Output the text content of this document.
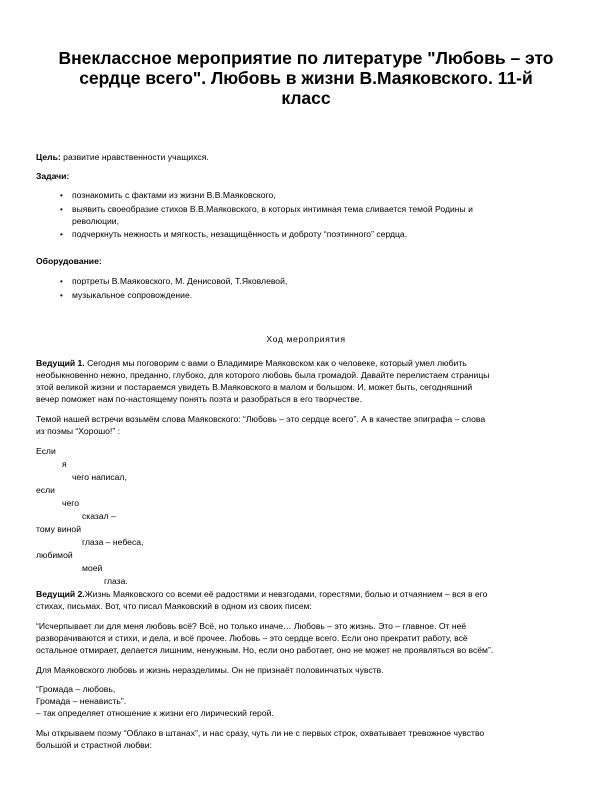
Внеклассное мероприятие по литературе "Любовь – это
сердце всего". Любовь в жизни В.Маяковского. 11-й
класс
Цель: развитие нравственности учащихся.
Задачи:
• познакомить с фактами из жизни В.В.Маяковского,
• выявить своеобразие стихов В.В.Маяковского, в которых интимная тема сливается темой Родины и
революции,
• подчеркнуть нежность и мягкость, незащищённость и доброту “поэтинного” сердца.
Оборудование:
• портреты В.Маяковского, М. Денисовой, Т.Яковлевой,
• музыкальное сопровождение.
Ход мероприятия
Ведущий 1. Сегодня мы поговорим с вами о Владимире Маяковском как о человеке, который умел любить
необыкновенно нежно, преданно, глубоко, для которого любовь была громадой. Давайте перелистаем страницы
этой великой жизни и постараемся увидеть В.Маяковского в малом и большом. И, может быть, сегодняшний
вечер поможет нам по-настоящему понять поэта и разобраться в его творчестве.
Темой нашей встречи возьмём слова Маяковского: “Любовь – это сердце всего”. А в качестве эпиграфа – слова
из поэмы “Хорошо!” :
Если
я
чего написал,
если
чего
сказал –
тому виной
глаза – небеса,
любимой
моей
глаза.
Ведущий 2.Жизнь Маяковского со всеми её радостями и невзгодами, горестями, болью и отчаянием – вся в его
стихах, письмах. Вот, что писал Маяковский в одном из своих писем:
“Исчерпывает ли для меня любовь всё? Всё, но только иначе… Любовь – это жизнь. Это – главное. От неё
разворачиваются и стихи, и дела, и всё прочее. Любовь – это сердце всего. Если оно прекратит работу, всё
остальное отмирает, делается лишним, ненужным. Но, если оно работает, оно не может не проявляться во всём”.
Для Маяковского любовь и жизнь неразделимы. Он не признаёт половинчатых чувств.
“Громада – любовь,
Громада – ненависть”.
– так определяет отношение к жизни его лирический герой.
Мы открываем поэму “Облако в штанах”, и нас сразу, чуть ли не с первых строк, охватывает тревожное чувство
большой и страстной любви:
